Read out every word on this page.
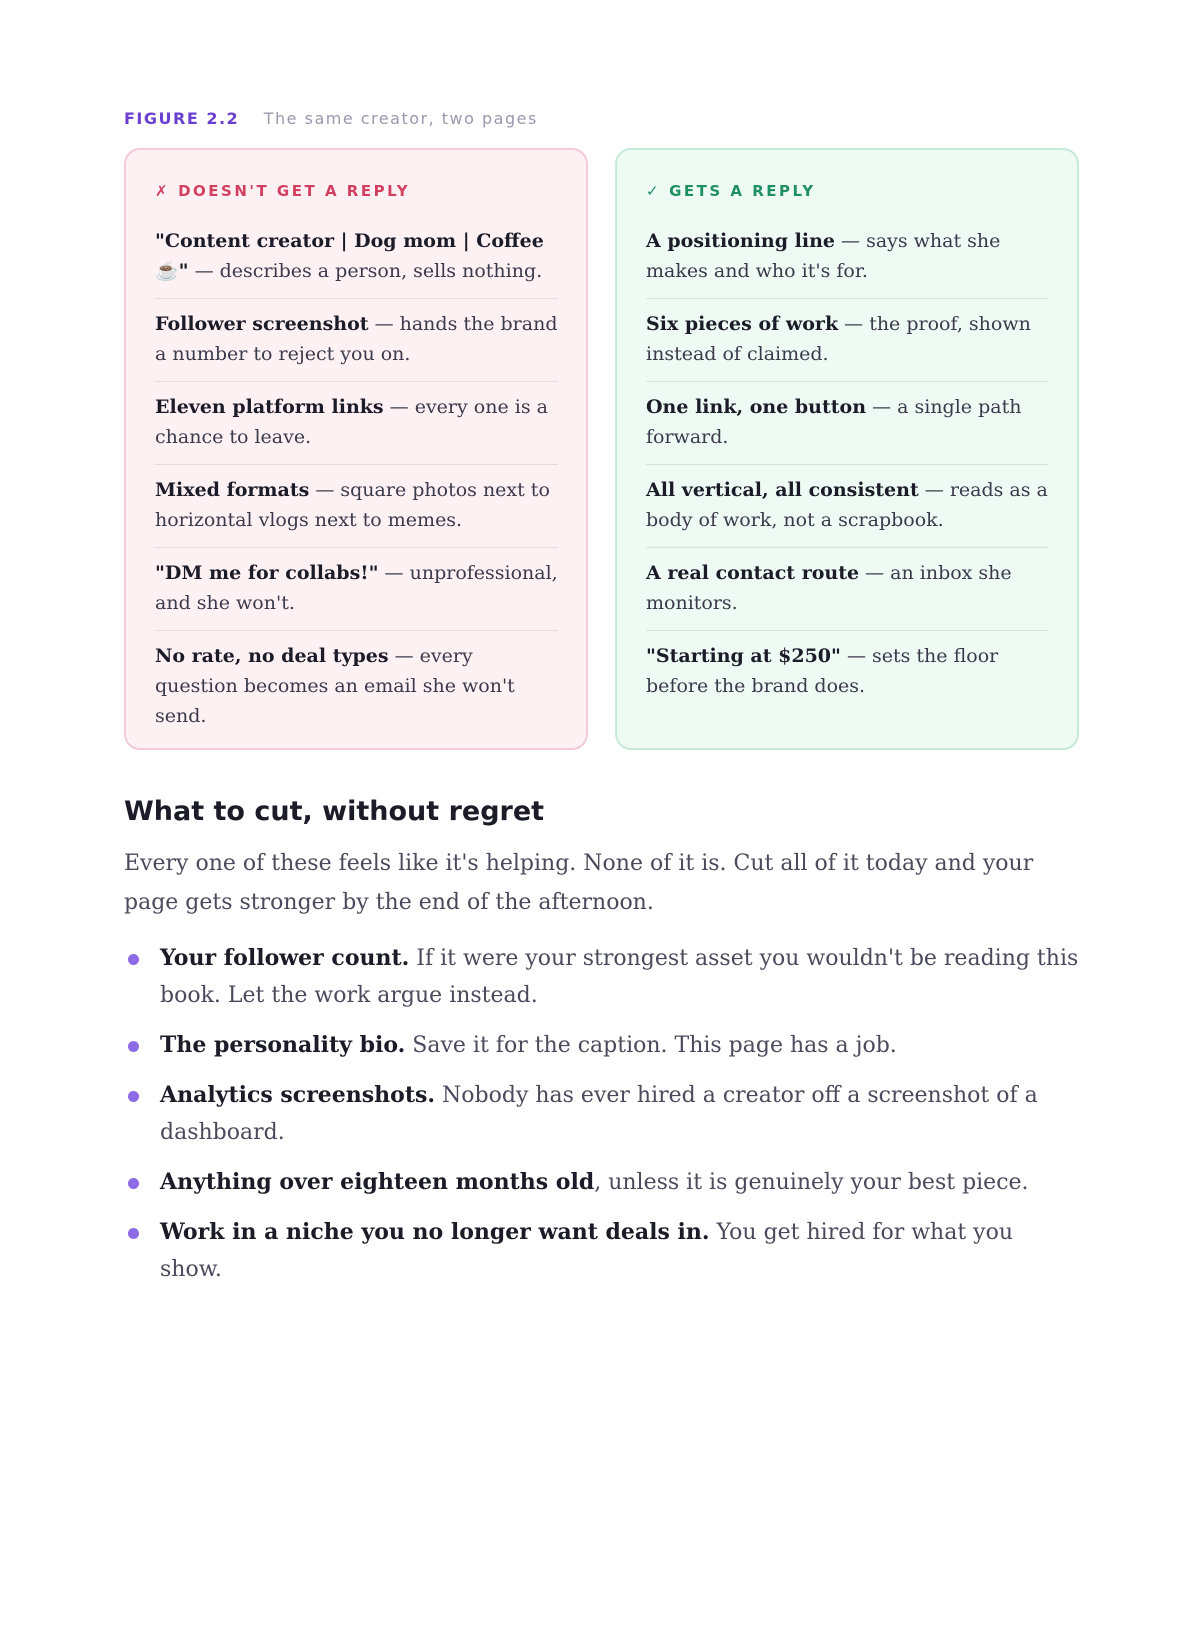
FIGURE 2.2 The same creator, two pages
✗ DOESN'T GET A REPLY
"Content creator | Dog mom | Coffee ☕" — describes a person, sells nothing.
Follower screenshot — hands the brand a number to reject you on.
Eleven platform links — every one is a chance to leave.
Mixed formats — square photos next to horizontal vlogs next to memes.
"DM me for collabs!" — unprofessional, and she won't.
No rate, no deal types — every question becomes an email she won't send.
✓ GETS A REPLY
A positioning line — says what she makes and who it's for.
Six pieces of work — the proof, shown instead of claimed.
One link, one button — a single path forward.
All vertical, all consistent — reads as a body of work, not a scrapbook.
A real contact route — an inbox she monitors.
"Starting at $250" — sets the floor before the brand does.
What to cut, without regret

Every one of these feels like it's helping. None of it is. Cut all of it today and your page gets stronger by the end of the afternoon.

Your follower count. If it were your strongest asset you wouldn't be reading this book. Let the work argue instead.
The personality bio. Save it for the caption. This page has a job.
Analytics screenshots. Nobody has ever hired a creator off a screenshot of a dashboard.
Anything over eighteen months old, unless it is genuinely your best piece.
Work in a niche you no longer want deals in. You get hired for what you show.
